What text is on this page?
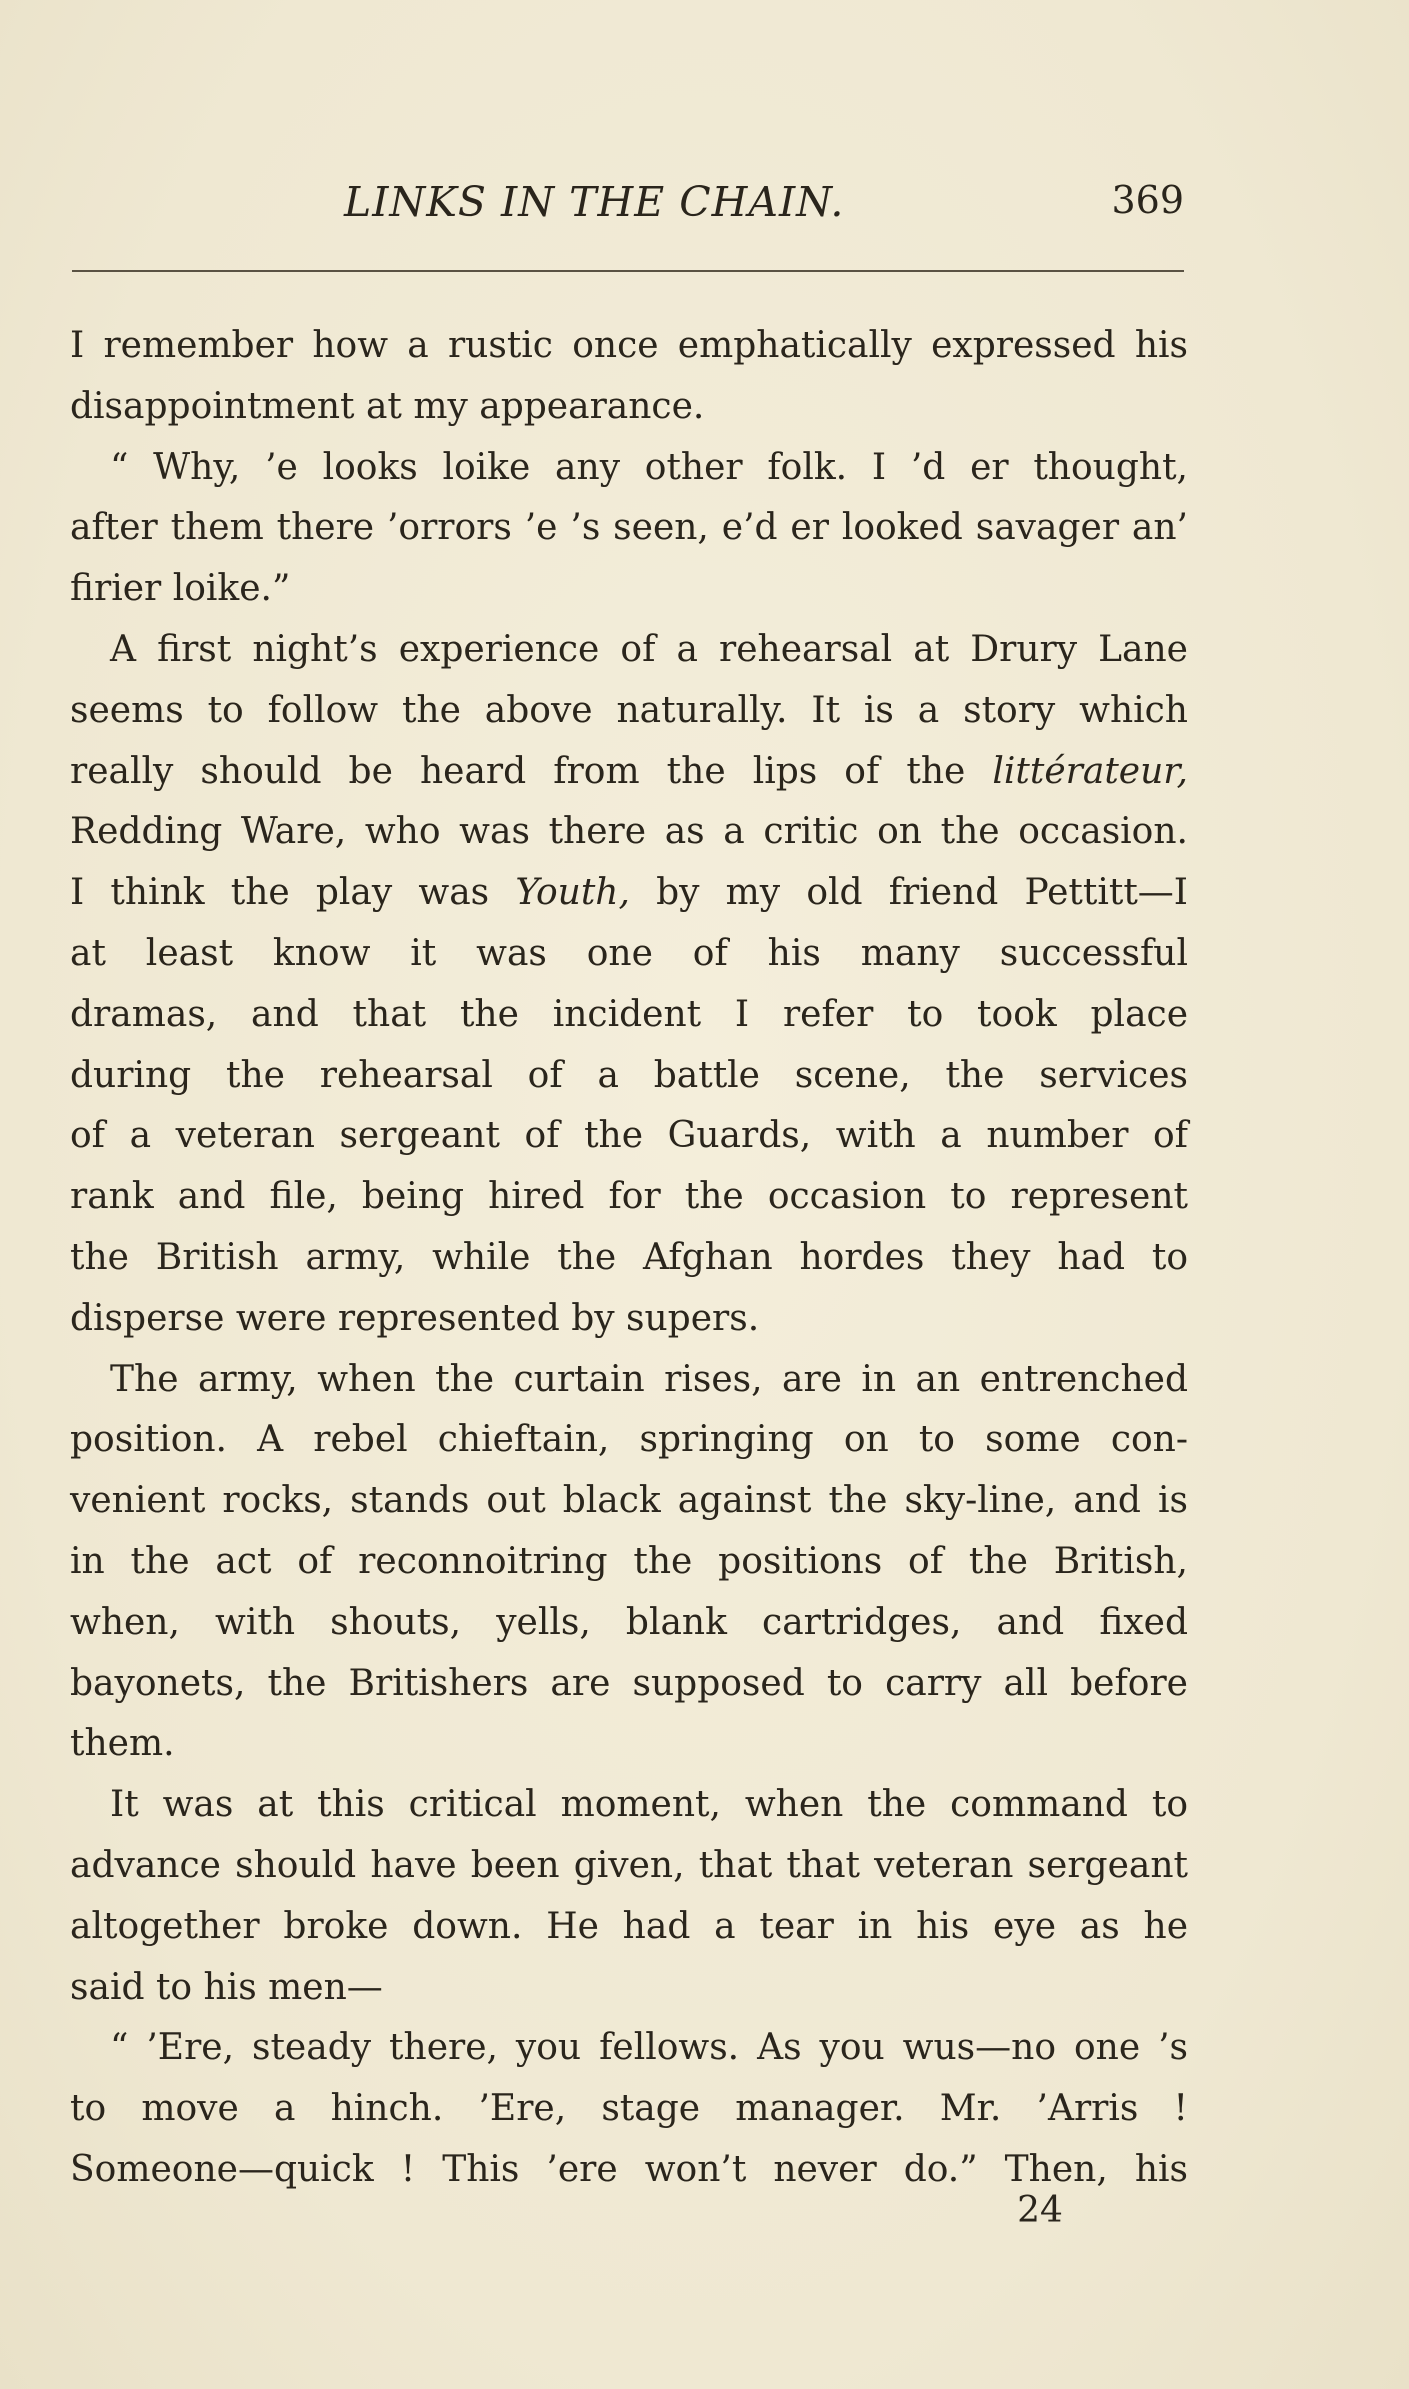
LINKS IN THE CHAIN.	369
I remember how a rustic once emphatically expressed his
disappointment at my appearance.
“ Why, ’e looks loike any other folk. I ’d er thought,
after them there ’orrors ’e ’s seen, e’d er looked savager an’
firier loike.”
A first night’s experience of a rehearsal at Drury Lane
seems to follow the above naturally. It is a story which
really should be heard from the lips of the littérateur,
Redding Ware, who was there as a critic on the occasion.
I think the play was Youth, by my old friend Pettitt—I
at least know it was one of his many successful
dramas, and that the incident I refer to took place
during the rehearsal of a battle scene, the services
of a veteran sergeant of the Guards, with a number of
rank and file, being hired for the occasion to represent
the British army, while the Afghan hordes they had to
disperse were represented by supers.
The army, when the curtain rises, are in an entrenched
position. A rebel chieftain, springing on to some con-
venient rocks, stands out black against the sky-line, and is
in the act of reconnoitring the positions of the British,
when, with shouts, yells, blank cartridges, and fixed
bayonets, the Britishers are supposed to carry all before
them.
It was at this critical moment, when the command to
advance should have been given, that that veteran sergeant
altogether broke down. He had a tear in his eye as he
said to his men—
“ ’Ere, steady there, you fellows. As you wus—no one ’s
to move a hinch. ’Ere, stage manager. Mr. ’Arris !
Someone—quick ! This ’ere won’t never do.” Then, his
24
